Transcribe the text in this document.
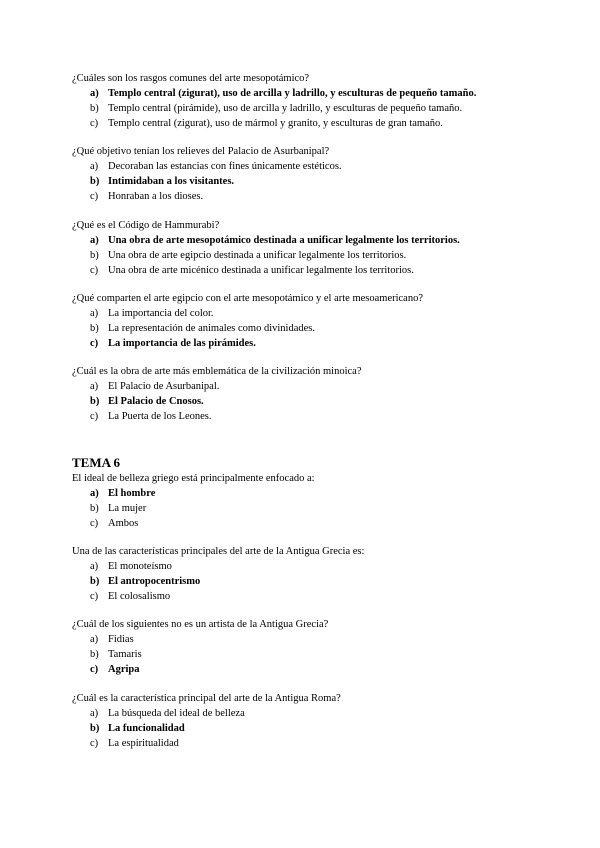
¿Cuáles son los rasgos comunes del arte mesopotámico?

a) Templo central (zigurat), uso de arcilla y ladrillo, y esculturas de pequeño tamaño.
b) Templo central (pirámide), uso de arcilla y ladrillo, y esculturas de pequeño tamaño.
c) Templo central (zigurat), uso de mármol y granito, y esculturas de gran tamaño.

¿Qué objetivo tenían los relieves del Palacio de Asurbanipal?

a) Decoraban las estancias con fines únicamente estéticos.
b) Intimidaban a los visitantes.
c) Honraban a los dioses.

¿Qué es el Código de Hammurabi?

a) Una obra de arte mesopotámico destinada a unificar legalmente los territorios.
b) Una obra de arte egipcio destinada a unificar legalmente los territorios.
c) Una obra de arte micénico destinada a unificar legalmente los territorios.

¿Qué comparten el arte egipcio con el arte mesopotámico y el arte mesoamericano?

a) La importancia del color.
b) La representación de animales como divinidades.
c) La importancia de las pirámides.

¿Cuál es la obra de arte más emblemática de la civilización minoica?

a) El Palacio de Asurbanipal.
b) El Palacio de Cnosos.
c) La Puerta de los Leones.
TEMA 6

El ideal de belleza griego está principalmente enfocado a:

a) El hombre
b) La mujer
c) Ambos

Una de las características principales del arte de la Antigua Grecia es:

a) El monoteísmo
b) El antropocentrismo
c) El colosalismo

¿Cuál de los siguientes no es un artista de la Antigua Grecia?

a) Fidias
b) Tamaris
c) Agripa

¿Cuál es la característica principal del arte de la Antigua Roma?

a) La búsqueda del ideal de belleza
b) La funcionalidad
c) La espiritualidad
